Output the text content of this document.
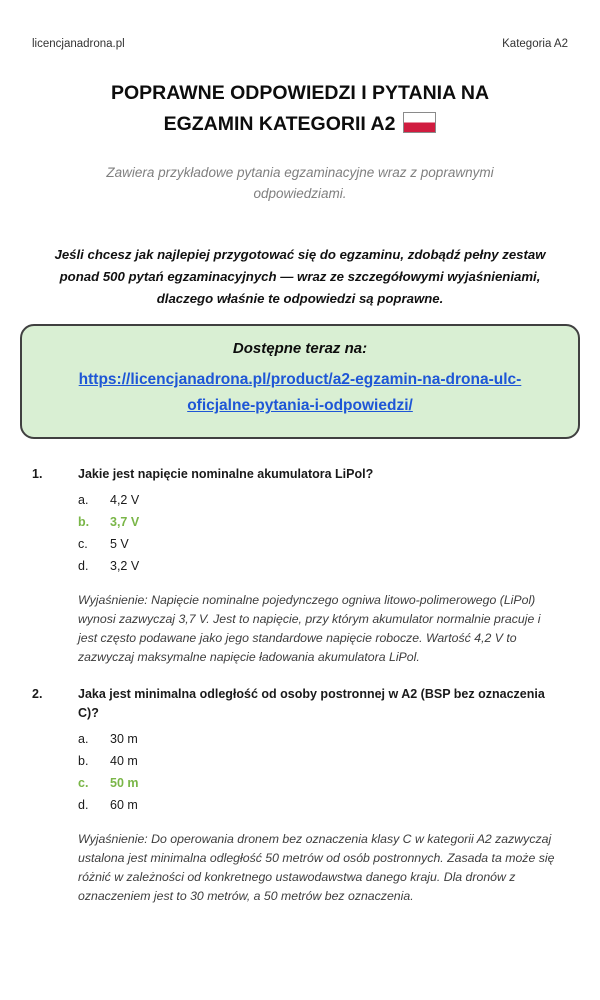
licencjanadrona.pl	Kategoria A2
POPRAWNE ODPOWIEDZI I PYTANIA NA
EGZAMIN KATEGORII A2
Zawiera przykładowe pytania egzaminacyjne wraz z poprawnymi odpowiedziami.
Jeśli chcesz jak najlepiej przygotować się do egzaminu, zdobądź pełny zestaw ponad 500 pytań egzaminacyjnych — wraz ze szczegółowymi wyjaśnieniami, dlaczego właśnie te odpowiedzi są poprawne.
Dostępne teraz na:
https://licencjanadrona.pl/product/a2-egzamin-na-drona-ulc-oficjalne-pytania-i-odpowiedzi/
1.	Jakie jest napięcie nominalne akumulatora LiPol?
a.	4,2 V
b.	3,7 V
c.	5 V
d.	3,2 V
Wyjaśnienie: Napięcie nominalne pojedynczego ogniwa litowo-polimerowego (LiPol) wynosi zazwyczaj 3,7 V. Jest to napięcie, przy którym akumulator normalnie pracuje i jest często podawane jako jego standardowe napięcie robocze. Wartość 4,2 V to zazwyczaj maksymalne napięcie ładowania akumulatora LiPol.
2.	Jaka jest minimalna odległość od osoby postronnej w A2 (BSP bez oznaczenia C)?
a.	30 m
b.	40 m
c.	50 m
d.	60 m
Wyjaśnienie: Do operowania dronem bez oznaczenia klasy C w kategorii A2 zazwyczaj ustalona jest minimalna odległość 50 metrów od osób postronnych. Zasada ta może się różnić w zależności od konkretnego ustawodawstwa danego kraju. Dla dronów z oznaczeniem jest to 30 metrów, a 50 metrów bez oznaczenia.
